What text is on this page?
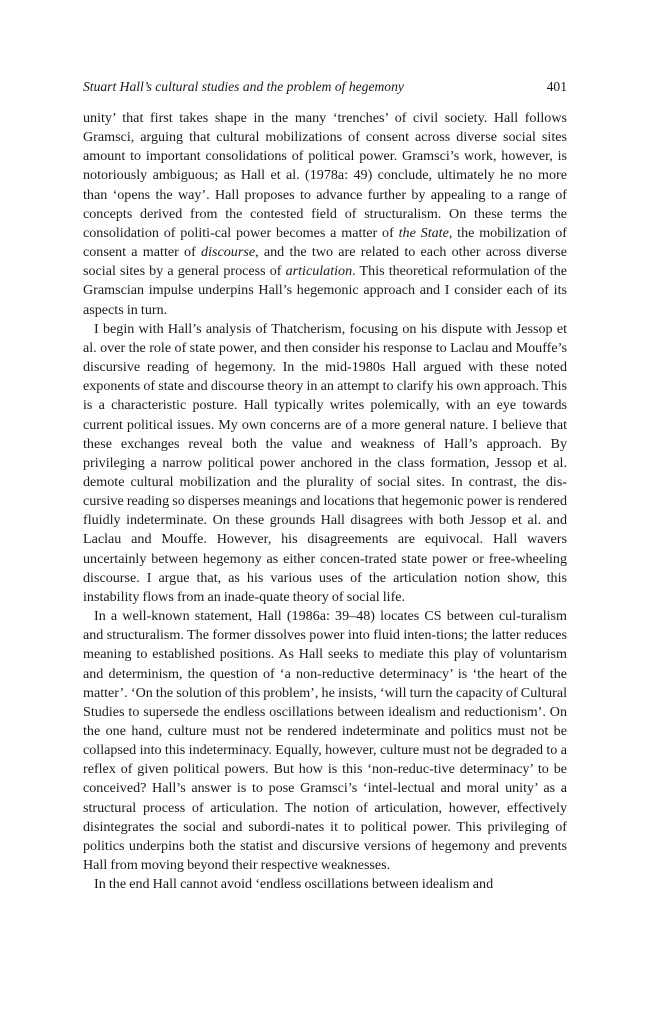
Stuart Hall’s cultural studies and the problem of hegemony	401

unity’ that first takes shape in the many ‘trenches’ of civil society. Hall follows Gramsci, arguing that cultural mobilizations of consent across diverse social sites amount to important consolidations of political power. Gramsci’s work, however, is notoriously ambiguous; as Hall et al. (1978a: 49) conclude, ultimately he no more than ‘opens the way’. Hall proposes to advance further by appealing to a range of concepts derived from the contested field of structuralism. On these terms the consolidation of politi-cal power becomes a matter of the State, the mobilization of consent a matter of discourse, and the two are related to each other across diverse social sites by a general process of articulation. This theoretical reformulation of the Gramscian impulse underpins Hall’s hegemonic approach and I consider each of its aspects in turn.

I begin with Hall’s analysis of Thatcherism, focusing on his dispute with Jessop et al. over the role of state power, and then consider his response to Laclau and Mouffe’s discursive reading of hegemony. In the mid-1980s Hall argued with these noted exponents of state and discourse theory in an attempt to clarify his own approach. This is a characteristic posture. Hall typically writes polemically, with an eye towards current political issues. My own concerns are of a more general nature. I believe that these exchanges reveal both the value and weakness of Hall’s approach. By privileging a narrow political power anchored in the class formation, Jessop et al. demote cultural mobilization and the plurality of social sites. In contrast, the dis-cursive reading so disperses meanings and locations that hegemonic power is rendered fluidly indeterminate. On these grounds Hall disagrees with both Jessop et al. and Laclau and Mouffe. However, his disagreements are equivocal. Hall wavers uncertainly between hegemony as either concen-trated state power or free-wheeling discourse. I argue that, as his various uses of the articulation notion show, this instability flows from an inade-quate theory of social life.

In a well-known statement, Hall (1986a: 39–48) locates CS between cul-turalism and structuralism. The former dissolves power into fluid inten-tions; the latter reduces meaning to established positions. As Hall seeks to mediate this play of voluntarism and determinism, the question of ‘a non-reductive determinacy’ is ‘the heart of the matter’. ‘On the solution of this problem’, he insists, ‘will turn the capacity of Cultural Studies to supersede the endless oscillations between idealism and reductionism’. On the one hand, culture must not be rendered indeterminate and politics must not be collapsed into this indeterminacy. Equally, however, culture must not be degraded to a reflex of given political powers. But how is this ‘non-reduc-tive determinacy’ to be conceived? Hall’s answer is to pose Gramsci’s ‘intel-lectual and moral unity’ as a structural process of articulation. The notion of articulation, however, effectively disintegrates the social and subordi-nates it to political power. This privileging of politics underpins both the statist and discursive versions of hegemony and prevents Hall from moving beyond their respective weaknesses.

In the end Hall cannot avoid ‘endless oscillations between idealism and
